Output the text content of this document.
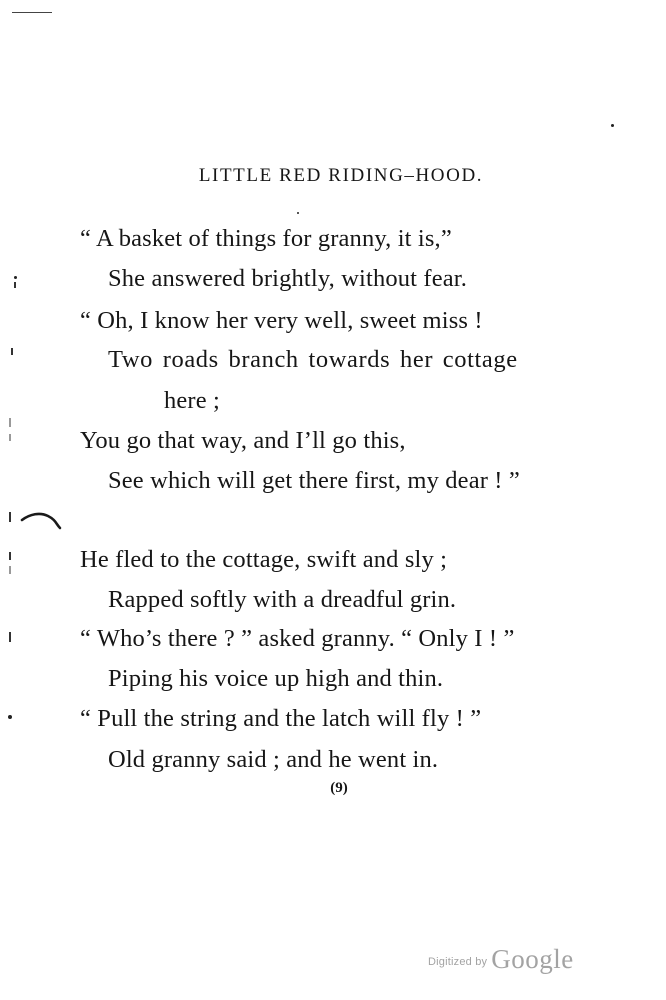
LITTLE RED RIDING–HOOD.
“ A basket of things for granny, it is,”
She answered brightly, without fear.
“ Oh, I know her very well, sweet miss !
Two roads branch towards her cottage
here ;
You go that way, and I’ll go this,
See which will get there first, my dear ! ”
He fled to the cottage, swift and sly ;
Rapped softly with a dreadful grin.
“ Who’s there ? ” asked granny. “ Only I ! ”
Piping his voice up high and thin.
“ Pull the string and the latch will fly ! ”
Old granny said ; and he went in.
(9)
Digitized by Google
